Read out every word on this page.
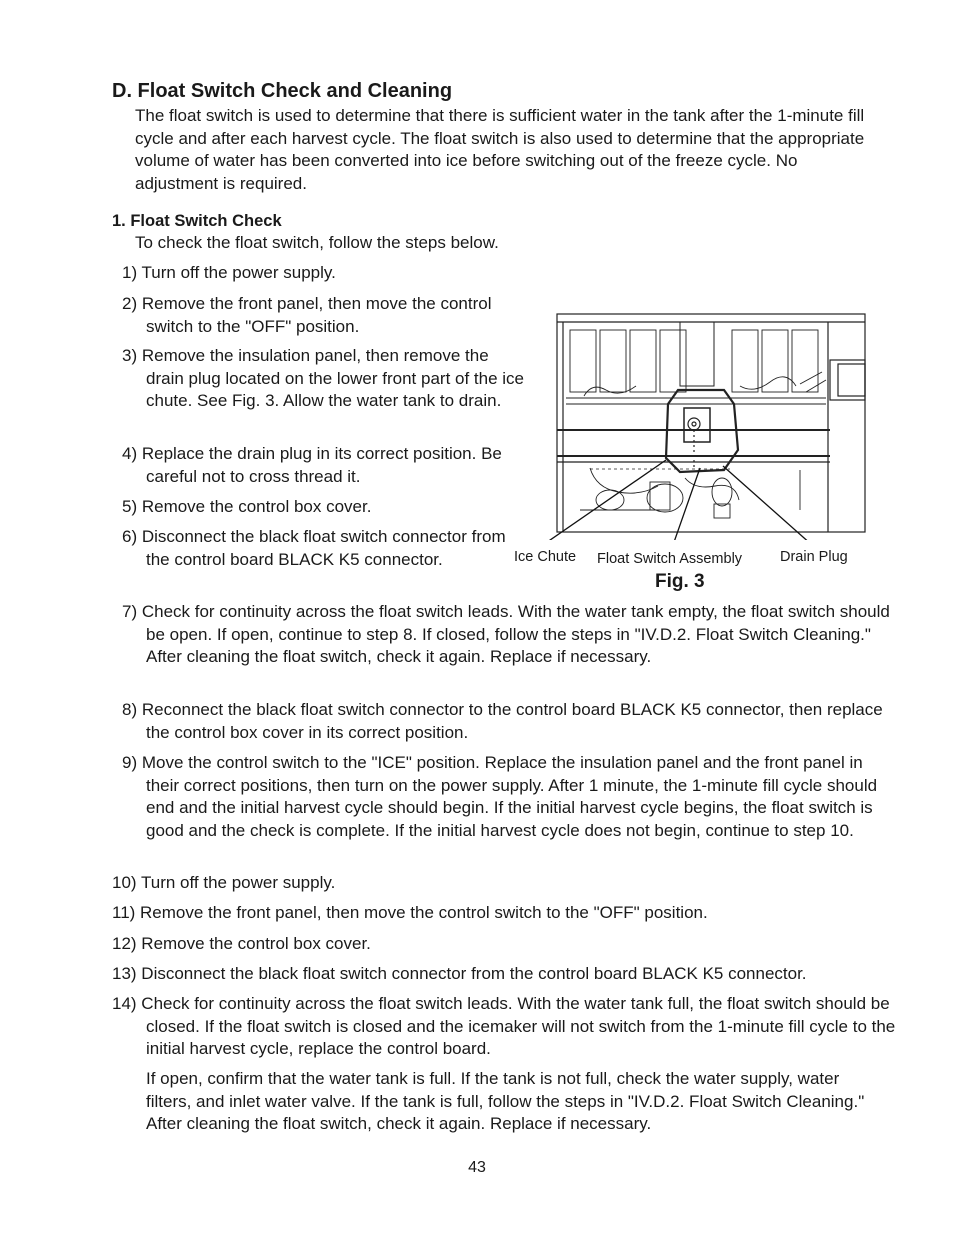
D. Float Switch Check and Cleaning
The float switch is used to determine that there is sufficient water in the tank after the 1-minute fill cycle and after each harvest cycle. The float switch is also used to determine that the appropriate volume of water has been converted into ice before switching out of the freeze cycle. No adjustment is required.
1. Float Switch Check
To check the float switch, follow the steps below.
1) Turn off the power supply.
2) Remove the front panel, then move the control switch to the "OFF" position.
3) Remove the insulation panel, then remove the drain plug located on the lower front part of the ice chute. See Fig. 3. Allow the water tank to drain.
4) Replace the drain plug in its correct position. Be careful not to cross thread it.
5) Remove the control box cover.
6) Disconnect the black float switch connector from the control board BLACK K5 connector.	Ice Chute Float Switch Assembly	Drain Plug
Fig. 3
7) Check for continuity across the float switch leads. With the water tank empty, the float switch should be open. If open, continue to step 8. If closed, follow the steps in "IV.D.2. Float Switch Cleaning." After cleaning the float switch, check it again. Replace if necessary.
8) Reconnect the black float switch connector to the control board BLACK K5 connector, then replace the control box cover in its correct position.
9) Move the control switch to the "ICE" position. Replace the insulation panel and the front panel in their correct positions, then turn on the power supply. After 1 minute, the 1-minute fill cycle should end and the initial harvest cycle should begin. If the initial harvest cycle begins, the float switch is good and the check is complete. If the initial harvest cycle does not begin, continue to step 10.
10) Turn off the power supply.
11) Remove the front panel, then move the control switch to the "OFF" position.
12) Remove the control box cover.
13) Disconnect the black float switch connector from the control board BLACK K5 connector.
14) Check for continuity across the float switch leads. With the water tank full, the float switch should be closed. If the float switch is closed and the icemaker will not switch from the 1-minute fill cycle to the initial harvest cycle, replace the control board.
If open, confirm that the water tank is full. If the tank is not full, check the water supply, water filters, and inlet water valve. If the tank is full, follow the steps in "IV.D.2. Float Switch Cleaning." After cleaning the float switch, check it again. Replace if necessary.
43
